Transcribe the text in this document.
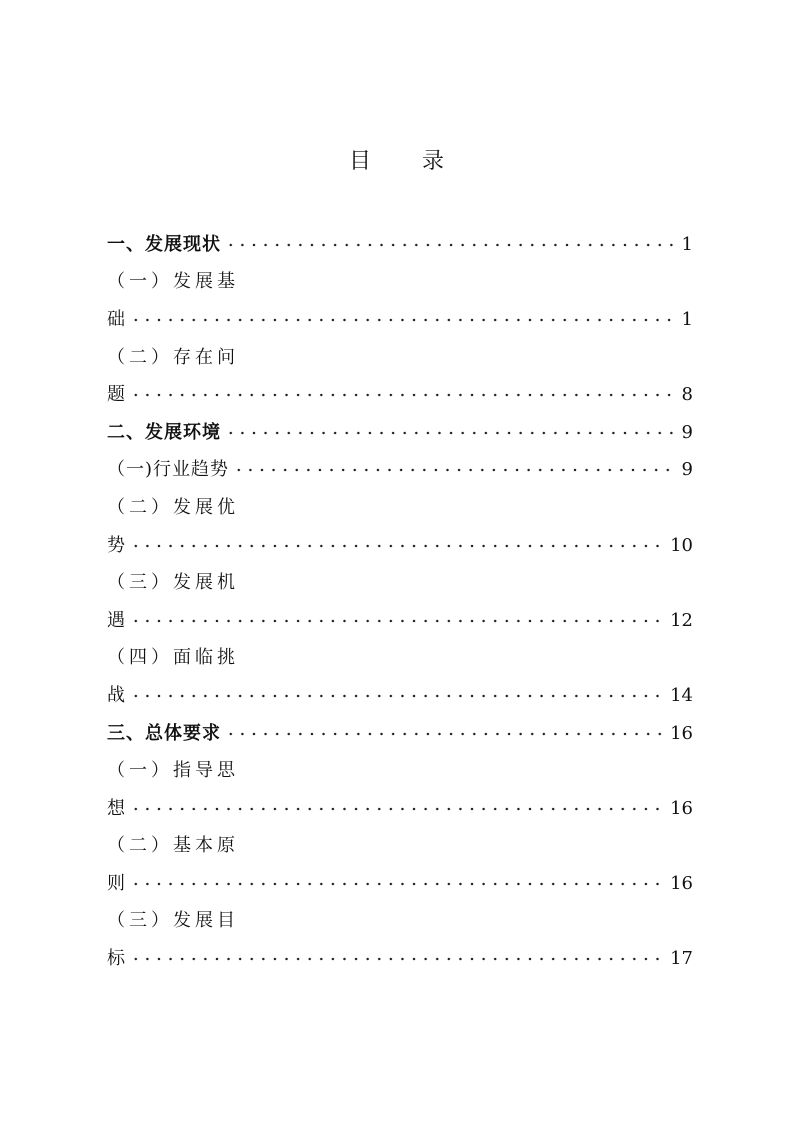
目 录
一、发展现状	1
（一）发展基
础	1
（二）存在问
题	8
二、发展环境	9
（一)行业趋势	9
（二）发展优
势	10
（三）发展机
遇	12
（四）面临挑
战	14
三、总体要求	16
（一）指导思
想	16
（二）基本原
则	16
（三）发展目
标	17
